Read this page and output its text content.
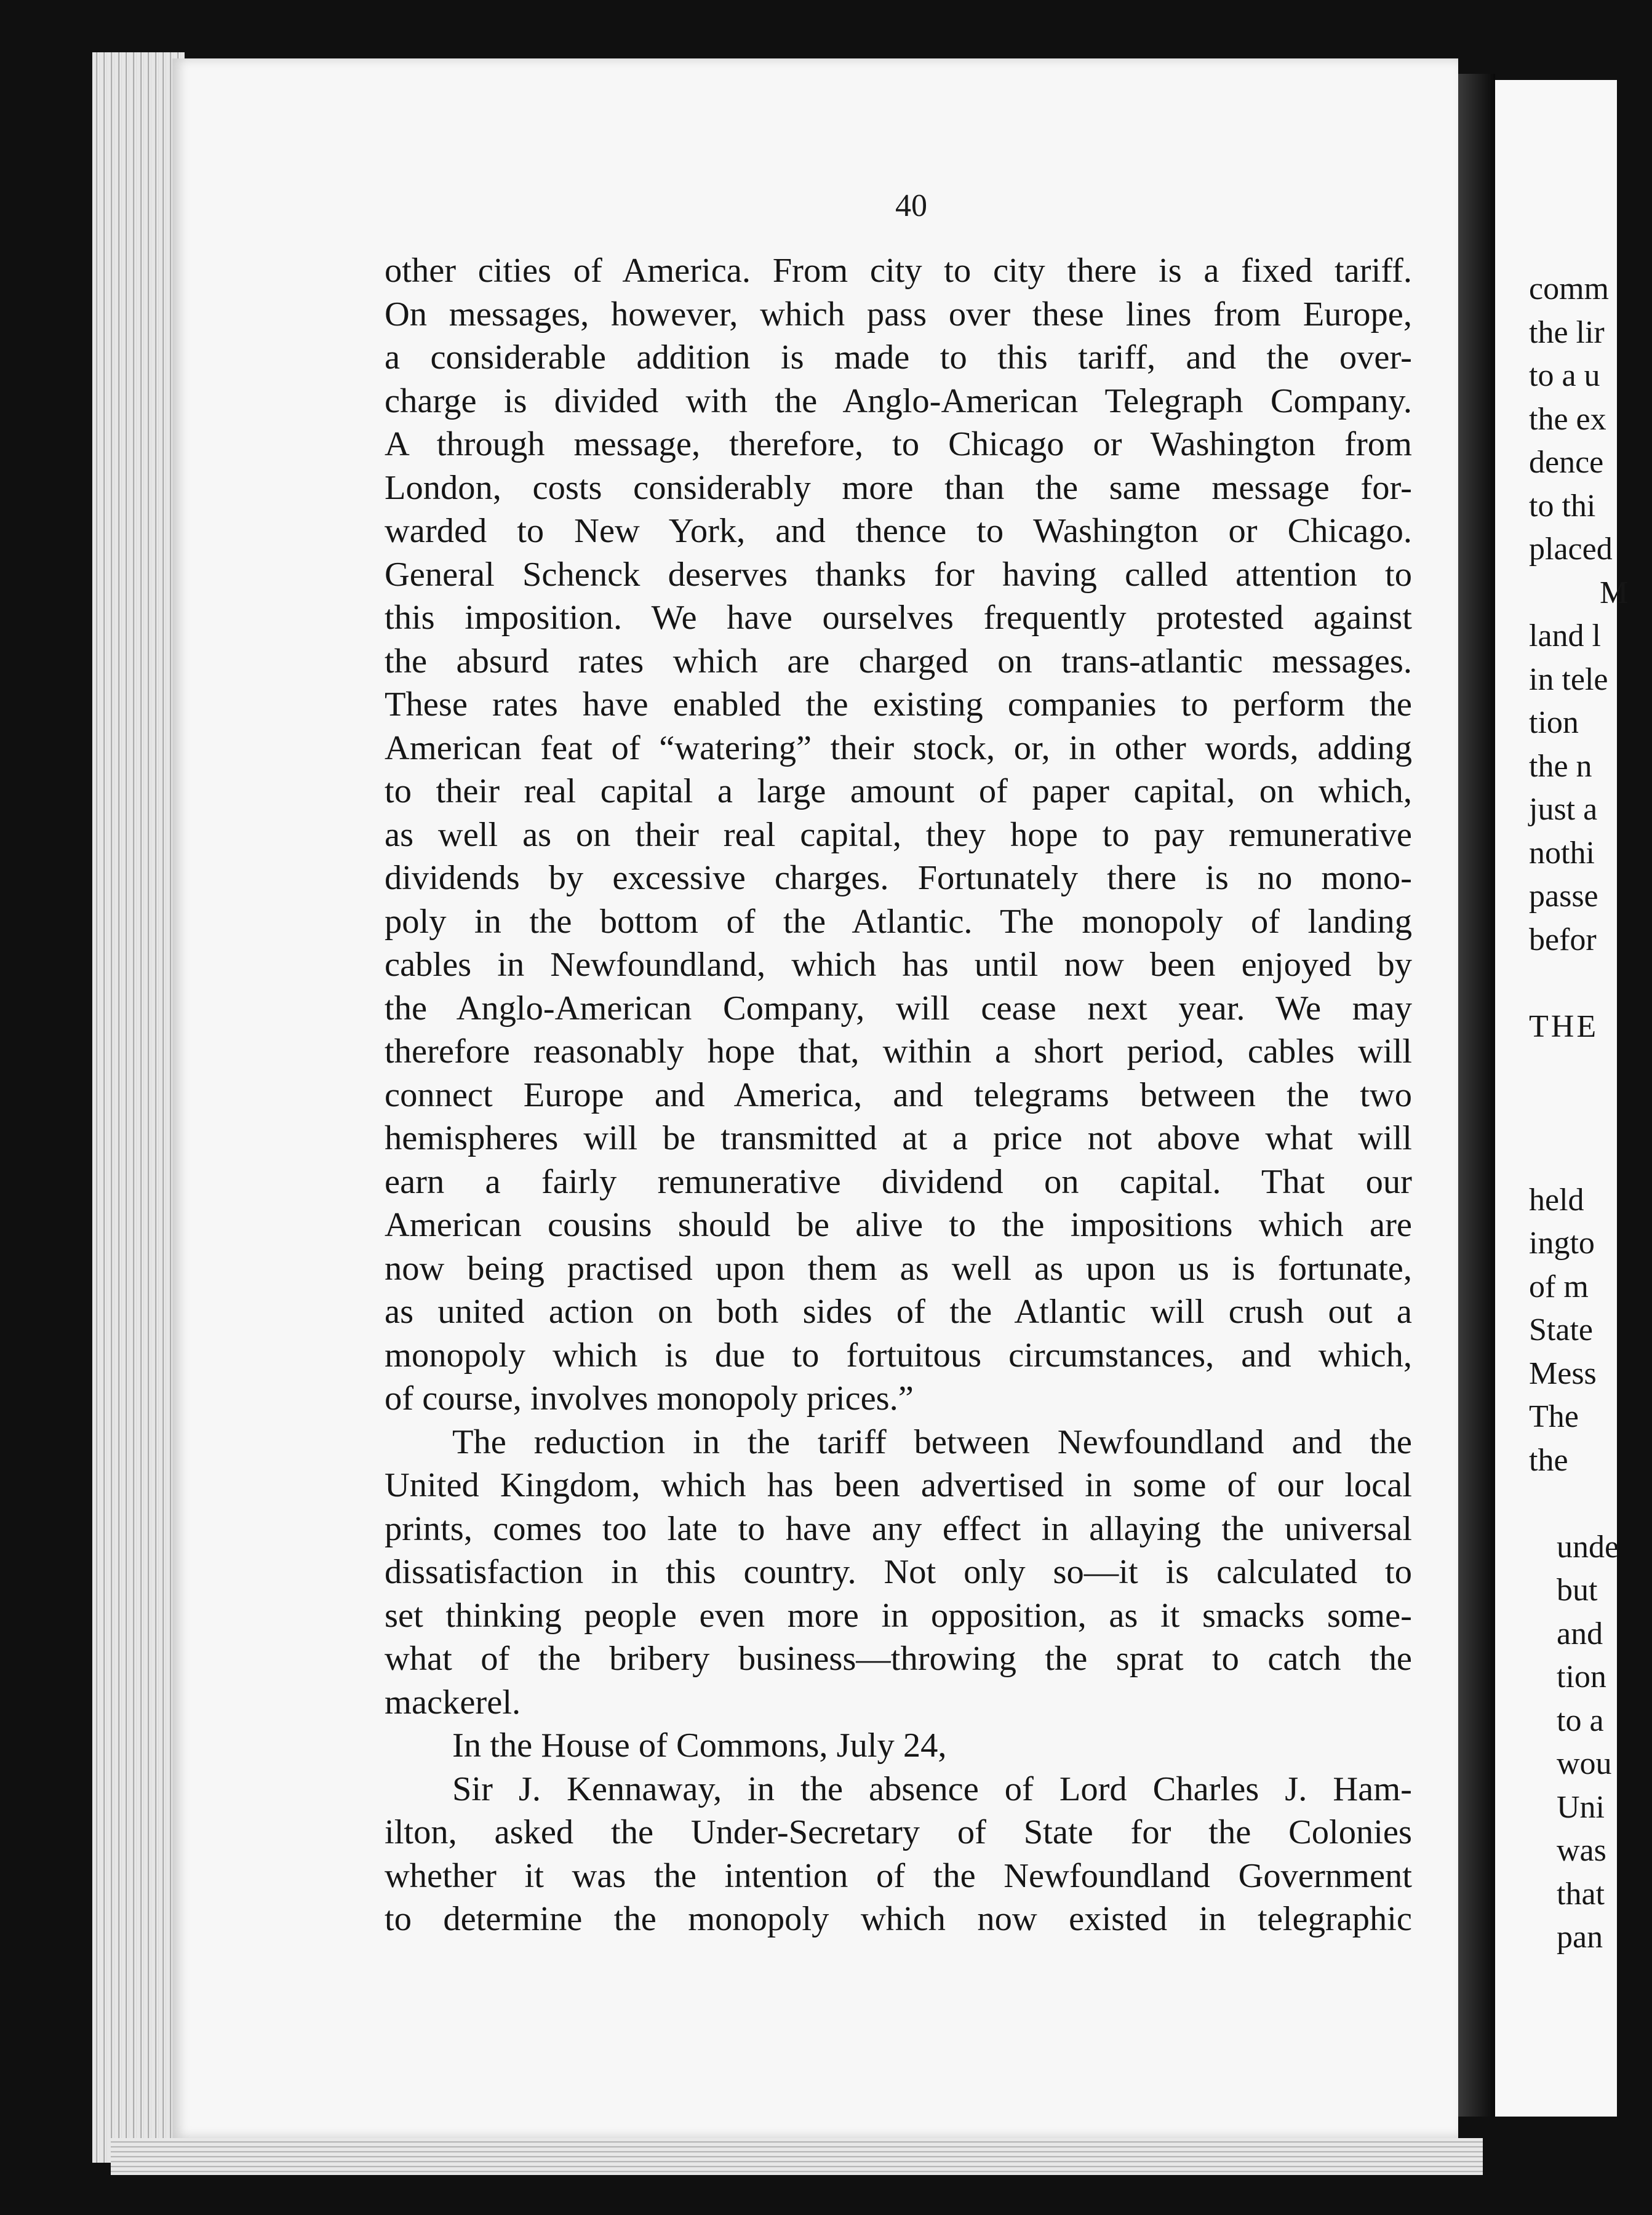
40
other cities of America. From city to city there is a fixed tariff.
On messages, however, which pass over these lines from Europe,
a considerable addition is made to this tariff, and the over-
charge is divided with the Anglo-American Telegraph Company.
A through message, therefore, to Chicago or Washington from
London, costs considerably more than the same message for-
warded to New York, and thence to Washington or Chicago.
General Schenck deserves thanks for having called attention to
this imposition. We have ourselves frequently protested against
the absurd rates which are charged on trans-atlantic messages.
These rates have enabled the existing companies to perform the
American feat of “watering” their stock, or, in other words, adding
to their real capital a large amount of paper capital, on which,
as well as on their real capital, they hope to pay remunerative
dividends by excessive charges. Fortunately there is no mono-
poly in the bottom of the Atlantic. The monopoly of landing
cables in Newfoundland, which has until now been enjoyed by
the Anglo-American Company, will cease next year. We may
therefore reasonably hope that, within a short period, cables will
connect Europe and America, and telegrams between the two
hemispheres will be transmitted at a price not above what will
earn a fairly remunerative dividend on capital. That our
American cousins should be alive to the impositions which are
now being practised upon them as well as upon us is fortunate,
as united action on both sides of the Atlantic will crush out a
monopoly which is due to fortuitous circumstances, and which,
of course, involves monopoly prices.”
The reduction in the tariff between Newfoundland and the
United Kingdom, which has been advertised in some of our local
prints, comes too late to have any effect in allaying the universal
dissatisfaction in this country. Not only so—it is calculated to
set thinking people even more in opposition, as it smacks some-
what of the bribery business—throwing the sprat to catch the
mackerel.
In the House of Commons, July 24,
Sir J. Kennaway, in the absence of Lord Charles J. Ham-
ilton, asked the Under-Secretary of State for the Colonies
whether it was the intention of the Newfoundland Government
to determine the monopoly which now existed in telegraphic
comm
the lir
to a u
the ex
dence
to thi
placed
M
land l
in tele
tion
the n
just a
nothi
passe
befor
THE
held
ingto
of m
State
Mess
The
the
unde
but
and
tion
to a
wou
Uni
was
that
pan
